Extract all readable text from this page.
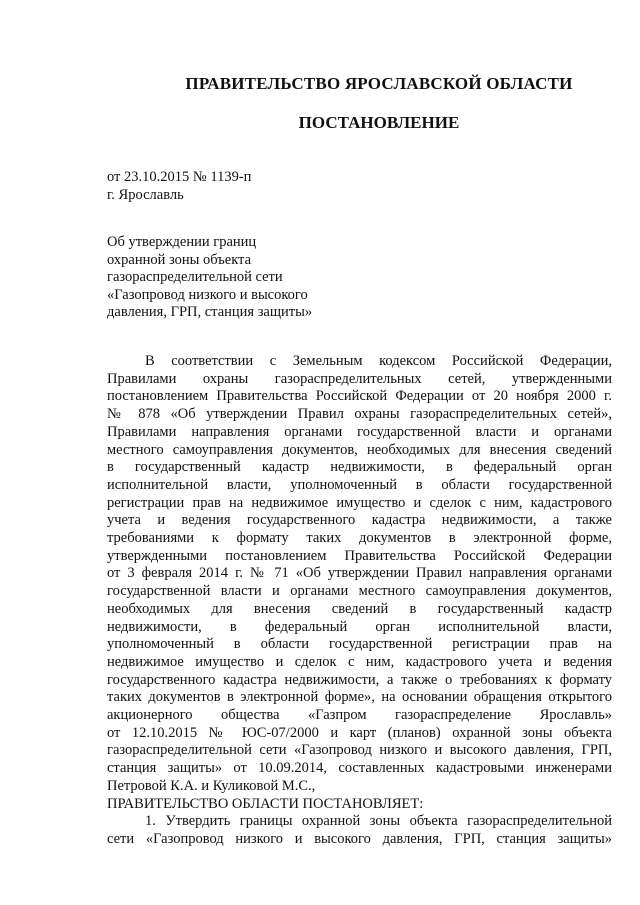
ПРАВИТЕЛЬСТВО ЯРОСЛАВСКОЙ ОБЛАСТИ
ПОСТАНОВЛЕНИЕ
от 23.10.2015 № 1139-п
г. Ярославль
Об утверждении границ
охранной зоны объекта
газораспределительной сети
«Газопровод низкого и высокого
давления, ГРП, станция защиты»
В соответствии с Земельным кодексом Российской Федерации,
Правилами охраны газораспределительных сетей, утвержденными
постановлением Правительства Российской Федерации от 20 ноября 2000 г.
№ 878 «Об утверждении Правил охраны газораспределительных сетей»,
Правилами направления органами государственной власти и органами
местного самоуправления документов, необходимых для внесения сведений
в государственный кадастр недвижимости, в федеральный орган
исполнительной власти, уполномоченный в области государственной
регистрации прав на недвижимое имущество и сделок с ним, кадастрового
учета и ведения государственного кадастра недвижимости, а также
требованиями к формату таких документов в электронной форме,
утвержденными постановлением Правительства Российской Федерации
от 3 февраля 2014 г. № 71 «Об утверждении Правил направления органами
государственной власти и органами местного самоуправления документов,
необходимых для внесения сведений в государственный кадастр
недвижимости, в федеральный орган исполнительной власти,
уполномоченный в области государственной регистрации прав на
недвижимое имущество и сделок с ним, кадастрового учета и ведения
государственного кадастра недвижимости, а также о требованиях к формату
таких документов в электронной форме», на основании обращения открытого
акционерного общества «Газпром газораспределение Ярославль»
от 12.10.2015 № ЮС-07/2000 и карт (планов) охранной зоны объекта
газораспределительной сети «Газопровод низкого и высокого давления, ГРП,
станция защиты» от 10.09.2014, составленных кадастровыми инженерами
Петровой К.А. и Куликовой М.С.,
ПРАВИТЕЛЬСТВО ОБЛАСТИ ПОСТАНОВЛЯЕТ:
1. Утвердить границы охранной зоны объекта газораспределительной
сети «Газопровод низкого и высокого давления, ГРП, станция защиты»
